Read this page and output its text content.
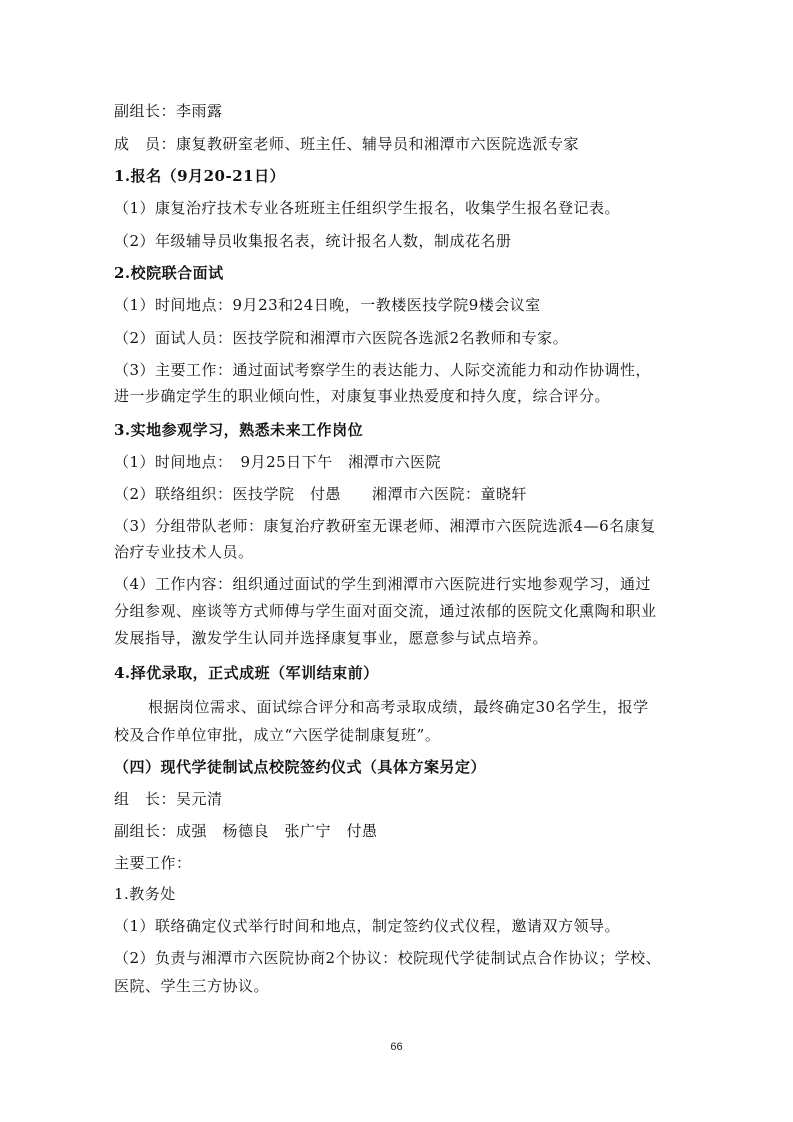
副组长：李雨露
成　员：康复教研室老师、班主任、辅导员和湘潭市六医院选派专家
1.报名（9月20-21日）
（1）康复治疗技术专业各班班主任组织学生报名，收集学生报名登记表。
（2）年级辅导员收集报名表，统计报名人数，制成花名册
2.校院联合面试
（1）时间地点：9月23和24日晚，一教楼医技学院9楼会议室
（2）面试人员：医技学院和湘潭市六医院各选派2名教师和专家。
（3）主要工作：通过面试考察学生的表达能力、人际交流能力和动作协调性，
进一步确定学生的职业倾向性，对康复事业热爱度和持久度，综合评分。
3.实地参观学习，熟悉未来工作岗位
（1）时间地点：　9月25日下午　湘潭市六医院
（2）联络组织：医技学院　付愚　　湘潭市六医院：童晓轩
（3）分组带队老师：康复治疗教研室无课老师、湘潭市六医院选派4—6名康复
治疗专业技术人员。
（4）工作内容：组织通过面试的学生到湘潭市六医院进行实地参观学习，通过
分组参观、座谈等方式师傅与学生面对面交流，通过浓郁的医院文化熏陶和职业
发展指导，激发学生认同并选择康复事业，愿意参与试点培养。
4.择优录取，正式成班（军训结束前）
根据岗位需求、面试综合评分和高考录取成绩，最终确定30名学生，报学
校及合作单位审批，成立“六医学徒制康复班”。
（四）现代学徒制试点校院签约仪式（具体方案另定）
组　长：吴元清
副组长：成强　杨德良　张广宁　付愚
主要工作：
1.教务处
（1）联络确定仪式举行时间和地点，制定签约仪式仪程，邀请双方领导。
（2）负责与湘潭市六医院协商2个协议：校院现代学徒制试点合作协议；学校、
医院、学生三方协议。
66
